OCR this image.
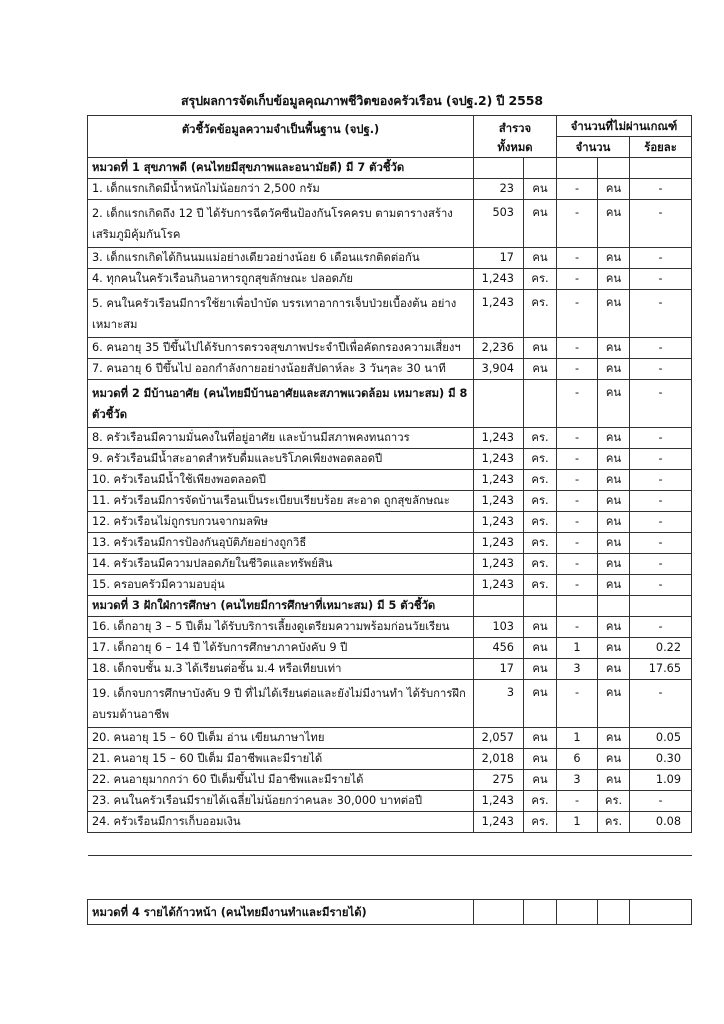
สรุปผลการจัดเก็บข้อมูลคุณภาพชีวิตของครัวเรือน (จปฐ.2) ปี 2558
ตัวชี้วัดข้อมูลความจำเป็นพื้นฐาน (จปฐ.)	สำรวจ
ทั้งหมด		จำนวนที่ไม่ผ่านเกณฑ์		
			จำนวน		ร้อยละ
หมวดที่ 1 สุขภาพดี (คนไทยมีสุขภาพและอนามัยดี) มี 7 ตัวชี้วัด					
1. เด็กแรกเกิดมีน้ำหนักไม่น้อยกว่า 2,500 กรัม	23	คน	-	คน	-
2. เด็กแรกเกิดถึง 12 ปี ได้รับการฉีดวัคซีนป้องกันโรคครบ ตามตารางสร้างเสริมภูมิคุ้มกันโรค	503	คน	-	คน	-
3. เด็กแรกเกิดได้กินนมแม่อย่างเดียวอย่างน้อย 6 เดือนแรกติดต่อกัน	17	คน	-	คน	-
4. ทุกคนในครัวเรือนกินอาหารถูกสุขลักษณะ ปลอดภัย	1,243	คร.	-	คน	-
5. คนในครัวเรือนมีการใช้ยาเพื่อบำบัด บรรเทาอาการเจ็บป่วยเบื้องต้น อย่างเหมาะสม	1,243	คร.	-	คน	-
6. คนอายุ 35 ปีขึ้นไปได้รับการตรวจสุขภาพประจำปีเพื่อคัดกรองความเสี่ยงฯ	2,236	คน	-	คน	-
7. คนอายุ 6 ปีขึ้นไป ออกกำลังกายอย่างน้อยสัปดาห์ละ 3 วันๆละ 30 นาที	3,904	คน	-	คน	-
หมวดที่ 2 มีบ้านอาศัย (คนไทยมีบ้านอาศัยและสภาพแวดล้อม เหมาะสม) มี 8 ตัวชี้วัด			-	คน	-
8. ครัวเรือนมีความมั่นคงในที่อยู่อาศัย และบ้านมีสภาพคงทนถาวร	1,243	คร.	-	คน	-
9. ครัวเรือนมีน้ำสะอาดสำหรับดื่มและบริโภคเพียงพอตลอดปี	1,243	คร.	-	คน	-
10. ครัวเรือนมีน้ำใช้เพียงพอตลอดปี	1,243	คร.	-	คน	-
11. ครัวเรือนมีการจัดบ้านเรือนเป็นระเบียบเรียบร้อย สะอาด ถูกสุขลักษณะ	1,243	คร.	-	คน	-
12. ครัวเรือนไม่ถูกรบกวนจากมลพิษ	1,243	คร.	-	คน	-
13. ครัวเรือนมีการป้องกันอุบัติภัยอย่างถูกวิธี	1,243	คร.	-	คน	-
14. ครัวเรือนมีความปลอดภัยในชีวิตและทรัพย์สิน	1,243	คร.	-	คน	-
15. ครอบครัวมีความอบอุ่น	1,243	คร.	-	คน	-
หมวดที่ 3 ฝักใฝ่การศึกษา (คนไทยมีการศึกษาที่เหมาะสม) มี 5 ตัวชี้วัด					
16. เด็กอายุ 3 – 5 ปีเต็ม ได้รับบริการเลี้ยงดูเตรียมความพร้อมก่อนวัยเรียน	103	คน	-	คน	-
17. เด็กอายุ 6 – 14 ปี ได้รับการศึกษาภาคบังคับ 9 ปี	456	คน	1	คน	0.22
18. เด็กจบชั้น ม.3 ได้เรียนต่อชั้น ม.4 หรือเทียบเท่า	17	คน	3	คน	17.65
19. เด็กจบการศึกษาบังคับ 9 ปี ที่ไม่ได้เรียนต่อและยังไม่มีงานทำ ได้รับการฝึกอบรมด้านอาชีพ	3	คน	-	คน	-
20. คนอายุ 15 – 60 ปีเต็ม อ่าน เขียนภาษาไทย	2,057	คน	1	คน	0.05
21. คนอายุ 15 – 60 ปีเต็ม มีอาชีพและมีรายได้	2,018	คน	6	คน	0.30
22. คนอายุมากกว่า 60 ปีเต็มขึ้นไป มีอาชีพและมีรายได้	275	คน	3	คน	1.09
23. คนในครัวเรือนมีรายได้เฉลี่ยไม่น้อยกว่าคนละ 30,000 บาทต่อปี	1,243	คร.	-	คร.	-
24. ครัวเรือนมีการเก็บออมเงิน	1,243	คร.	1	คร.	0.08

หมวดที่ 4 รายได้ก้าวหน้า (คนไทยมีงานทำและมีรายได้)					
